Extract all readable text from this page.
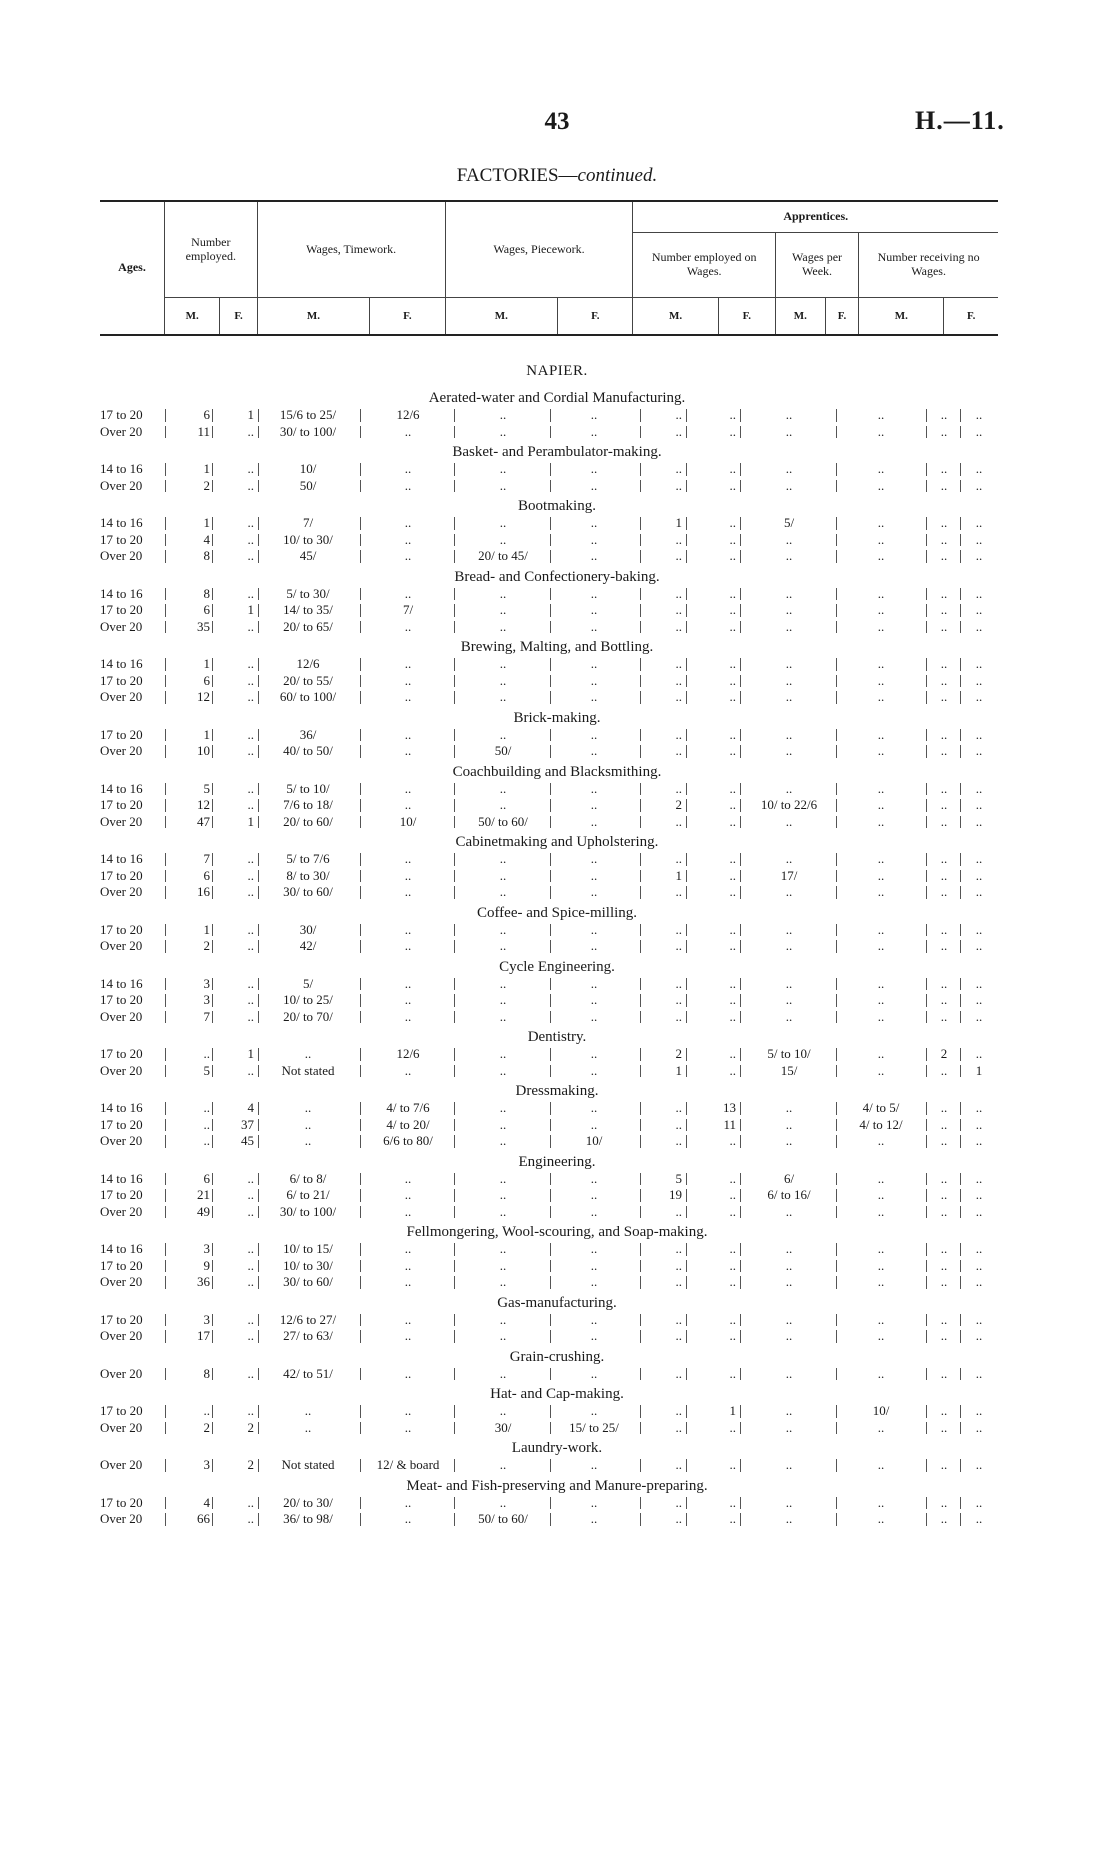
43	H.—11.
FACTORIES—continued.
Ages.	Number employed.		Wages, Timework.		Wages, Piecework.		Apprentices.					
							Number employed on Wages.		Wages per Week.		Number receiving no Wages.	
	M.	F.	M.	F.	M.	F.	M.	F.	M.	F.	M.	F.
NAPIER.
Aerated-water and Cordial Manufacturing.
17 to 20	6	1	15/6 to 25/	12/6	..	..	..	..	..	..	..	..
Over 20	11	..	30/ to 100/	..	..	..	..	..	..	..	..	..
Basket- and Perambulator-making.
14 to 16	1	..	10/	..	..	..	..	..	..	..	..	..
Over 20	2	..	50/	..	..	..	..	..	..	..	..	..
Bootmaking.
14 to 16	1	..	7/	..	..	..	1	..	5/	..	..	..
17 to 20	4	..	10/ to 30/	..	..	..	..	..	..	..	..	..
Over 20	8	..	45/	..	20/ to 45/	..	..	..	..	..	..	..
Bread- and Confectionery-baking.
14 to 16	8	..	5/ to 30/	..	..	..	..	..	..	..	..	..
17 to 20	6	1	14/ to 35/	7/	..	..	..	..	..	..	..	..
Over 20	35	..	20/ to 65/	..	..	..	..	..	..	..	..	..
Brewing, Malting, and Bottling.
14 to 16	1	..	12/6	..	..	..	..	..	..	..	..	..
17 to 20	6	..	20/ to 55/	..	..	..	..	..	..	..	..	..
Over 20	12	..	60/ to 100/	..	..	..	..	..	..	..	..	..
Brick-making.
17 to 20	1	..	36/	..	..	..	..	..	..	..	..	..
Over 20	10	..	40/ to 50/	..	50/	..	..	..	..	..	..	..
Coachbuilding and Blacksmithing.
14 to 16	5	..	5/ to 10/	..	..	..	..	..	..	..	..	..
17 to 20	12	..	7/6 to 18/	..	..	..	2	..	10/ to 22/6	..	..	..
Over 20	47	1	20/ to 60/	10/	50/ to 60/	..	..	..	..	..	..	..
Cabinetmaking and Upholstering.
14 to 16	7	..	5/ to 7/6	..	..	..	..	..	..	..	..	..
17 to 20	6	..	8/ to 30/	..	..	..	1	..	17/	..	..	..
Over 20	16	..	30/ to 60/	..	..	..	..	..	..	..	..	..
Coffee- and Spice-milling.
17 to 20	1	..	30/	..	..	..	..	..	..	..	..	..
Over 20	2	..	42/	..	..	..	..	..	..	..	..	..
Cycle Engineering.
14 to 16	3	..	5/	..	..	..	..	..	..	..	..	..
17 to 20	3	..	10/ to 25/	..	..	..	..	..	..	..	..	..
Over 20	7	..	20/ to 70/	..	..	..	..	..	..	..	..	..
Dentistry.
17 to 20	..	1	..	12/6	..	..	2	..	5/ to 10/	..	2	..
Over 20	5	..	Not stated	..	..	..	1	..	15/	..	..	1
Dressmaking.
14 to 16	..	4	..	4/ to 7/6	..	..	..	13	..	4/ to 5/	..	..
17 to 20	..	37	..	4/ to 20/	..	..	..	11	..	4/ to 12/	..	..
Over 20	..	45	..	6/6 to 80/	..	10/	..	..	..	..	..	..
Engineering.
14 to 16	6	..	6/ to 8/	..	..	..	5	..	6/	..	..	..
17 to 20	21	..	6/ to 21/	..	..	..	19	..	6/ to 16/	..	..	..
Over 20	49	..	30/ to 100/	..	..	..	..	..	..	..	..	..
Fellmongering, Wool-scouring, and Soap-making.
14 to 16	3	..	10/ to 15/	..	..	..	..	..	..	..	..	..
17 to 20	9	..	10/ to 30/	..	..	..	..	..	..	..	..	..
Over 20	36	..	30/ to 60/	..	..	..	..	..	..	..	..	..
Gas-manufacturing.
17 to 20	3	..	12/6 to 27/	..	..	..	..	..	..	..	..	..
Over 20	17	..	27/ to 63/	..	..	..	..	..	..	..	..	..
Grain-crushing.
Over 20	8	..	42/ to 51/	..	..	..	..	..	..	..	..	..
Hat- and Cap-making.
17 to 20	..	..	..	..	..	..	..	1	..	10/	..	..
Over 20	2	2	..	..	30/	15/ to 25/	..	..	..	..	..	..
Laundry-work.
Over 20	3	2	Not stated	12/ & board	..	..	..	..	..	..	..	..
Meat- and Fish-preserving and Manure-preparing.
17 to 20	4	..	20/ to 30/	..	..	..	..	..	..	..	..	..
Over 20	66	..	36/ to 98/	..	50/ to 60/	..	..	..	..	..	..	..
